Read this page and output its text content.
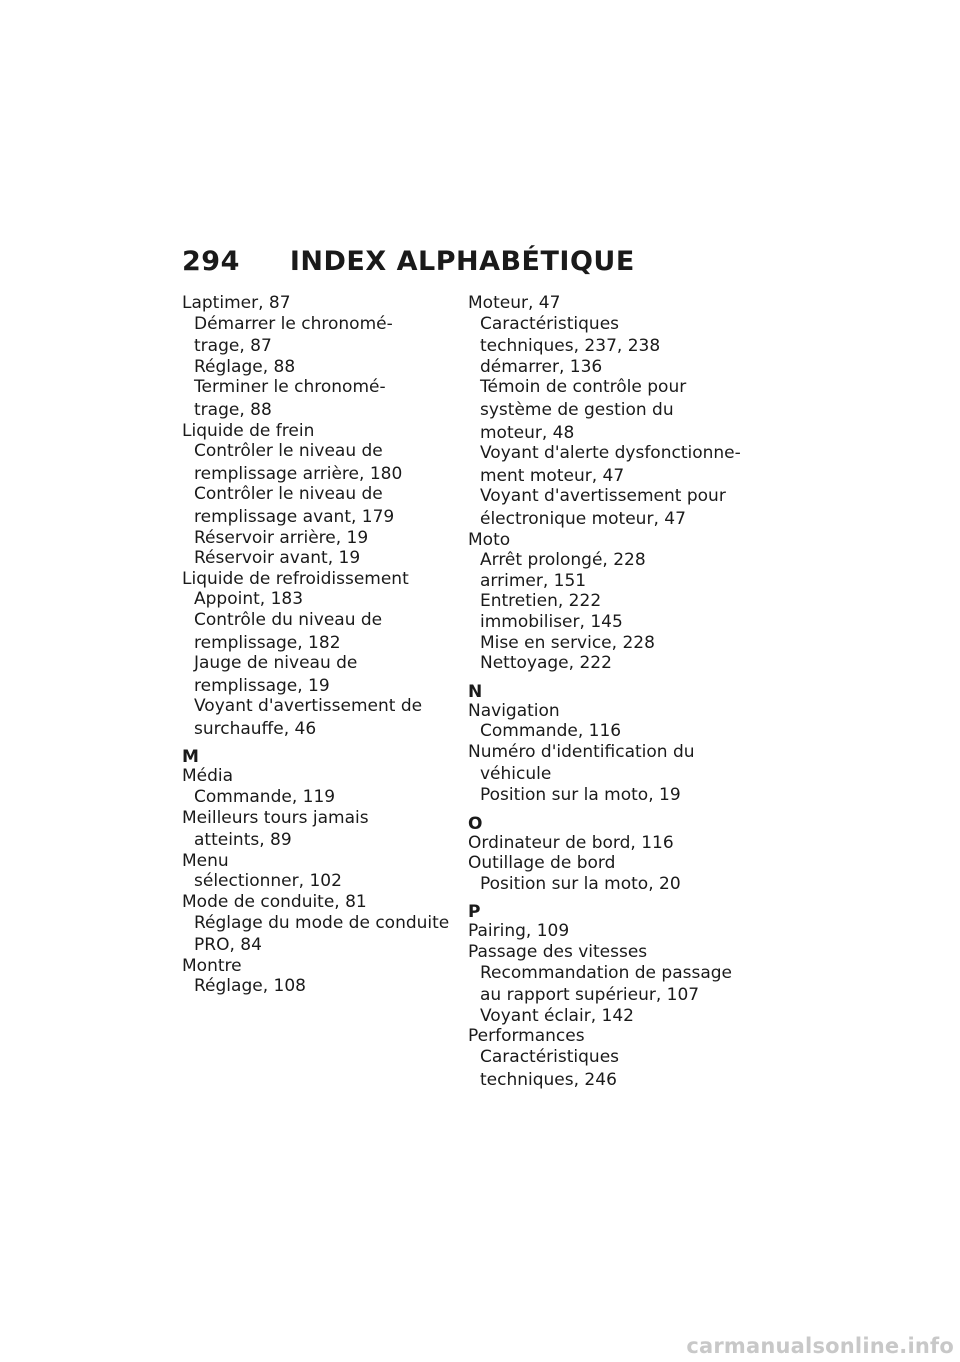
294 INDEX ALPHABÉTIQUE
Laptimer, 87
Démarrer le chronomé-
trage, 87
Réglage, 88
Terminer le chronomé-
trage, 88
Liquide de frein
Contrôler le niveau de
remplissage arrière, 180
Contrôler le niveau de
remplissage avant, 179
Réservoir arrière, 19
Réservoir avant, 19
Liquide de refroidissement
Appoint, 183
Contrôle du niveau de
remplissage, 182
Jauge de niveau de
remplissage, 19
Voyant d'avertissement de
surchauffe, 46
M
Média
Commande, 119
Meilleurs tours jamais
atteints, 89
Menu
sélectionner, 102
Mode de conduite, 81
Réglage du mode de conduite
PRO, 84
Montre
Réglage, 108
Moteur, 47
Caractéristiques
techniques, 237, 238
démarrer, 136
Témoin de contrôle pour
système de gestion du
moteur, 48
Voyant d'alerte dysfonctionne-
ment moteur, 47
Voyant d'avertissement pour
électronique moteur, 47
Moto
Arrêt prolongé, 228
arrimer, 151
Entretien, 222
immobiliser, 145
Mise en service, 228
Nettoyage, 222
N
Navigation
Commande, 116
Numéro d'identification du
véhicule
Position sur la moto, 19
O
Ordinateur de bord, 116
Outillage de bord
Position sur la moto, 20
P
Pairing, 109
Passage des vitesses
Recommandation de passage
au rapport supérieur, 107
Voyant éclair, 142
Performances
Caractéristiques
techniques, 246
carmanualsonline.info
